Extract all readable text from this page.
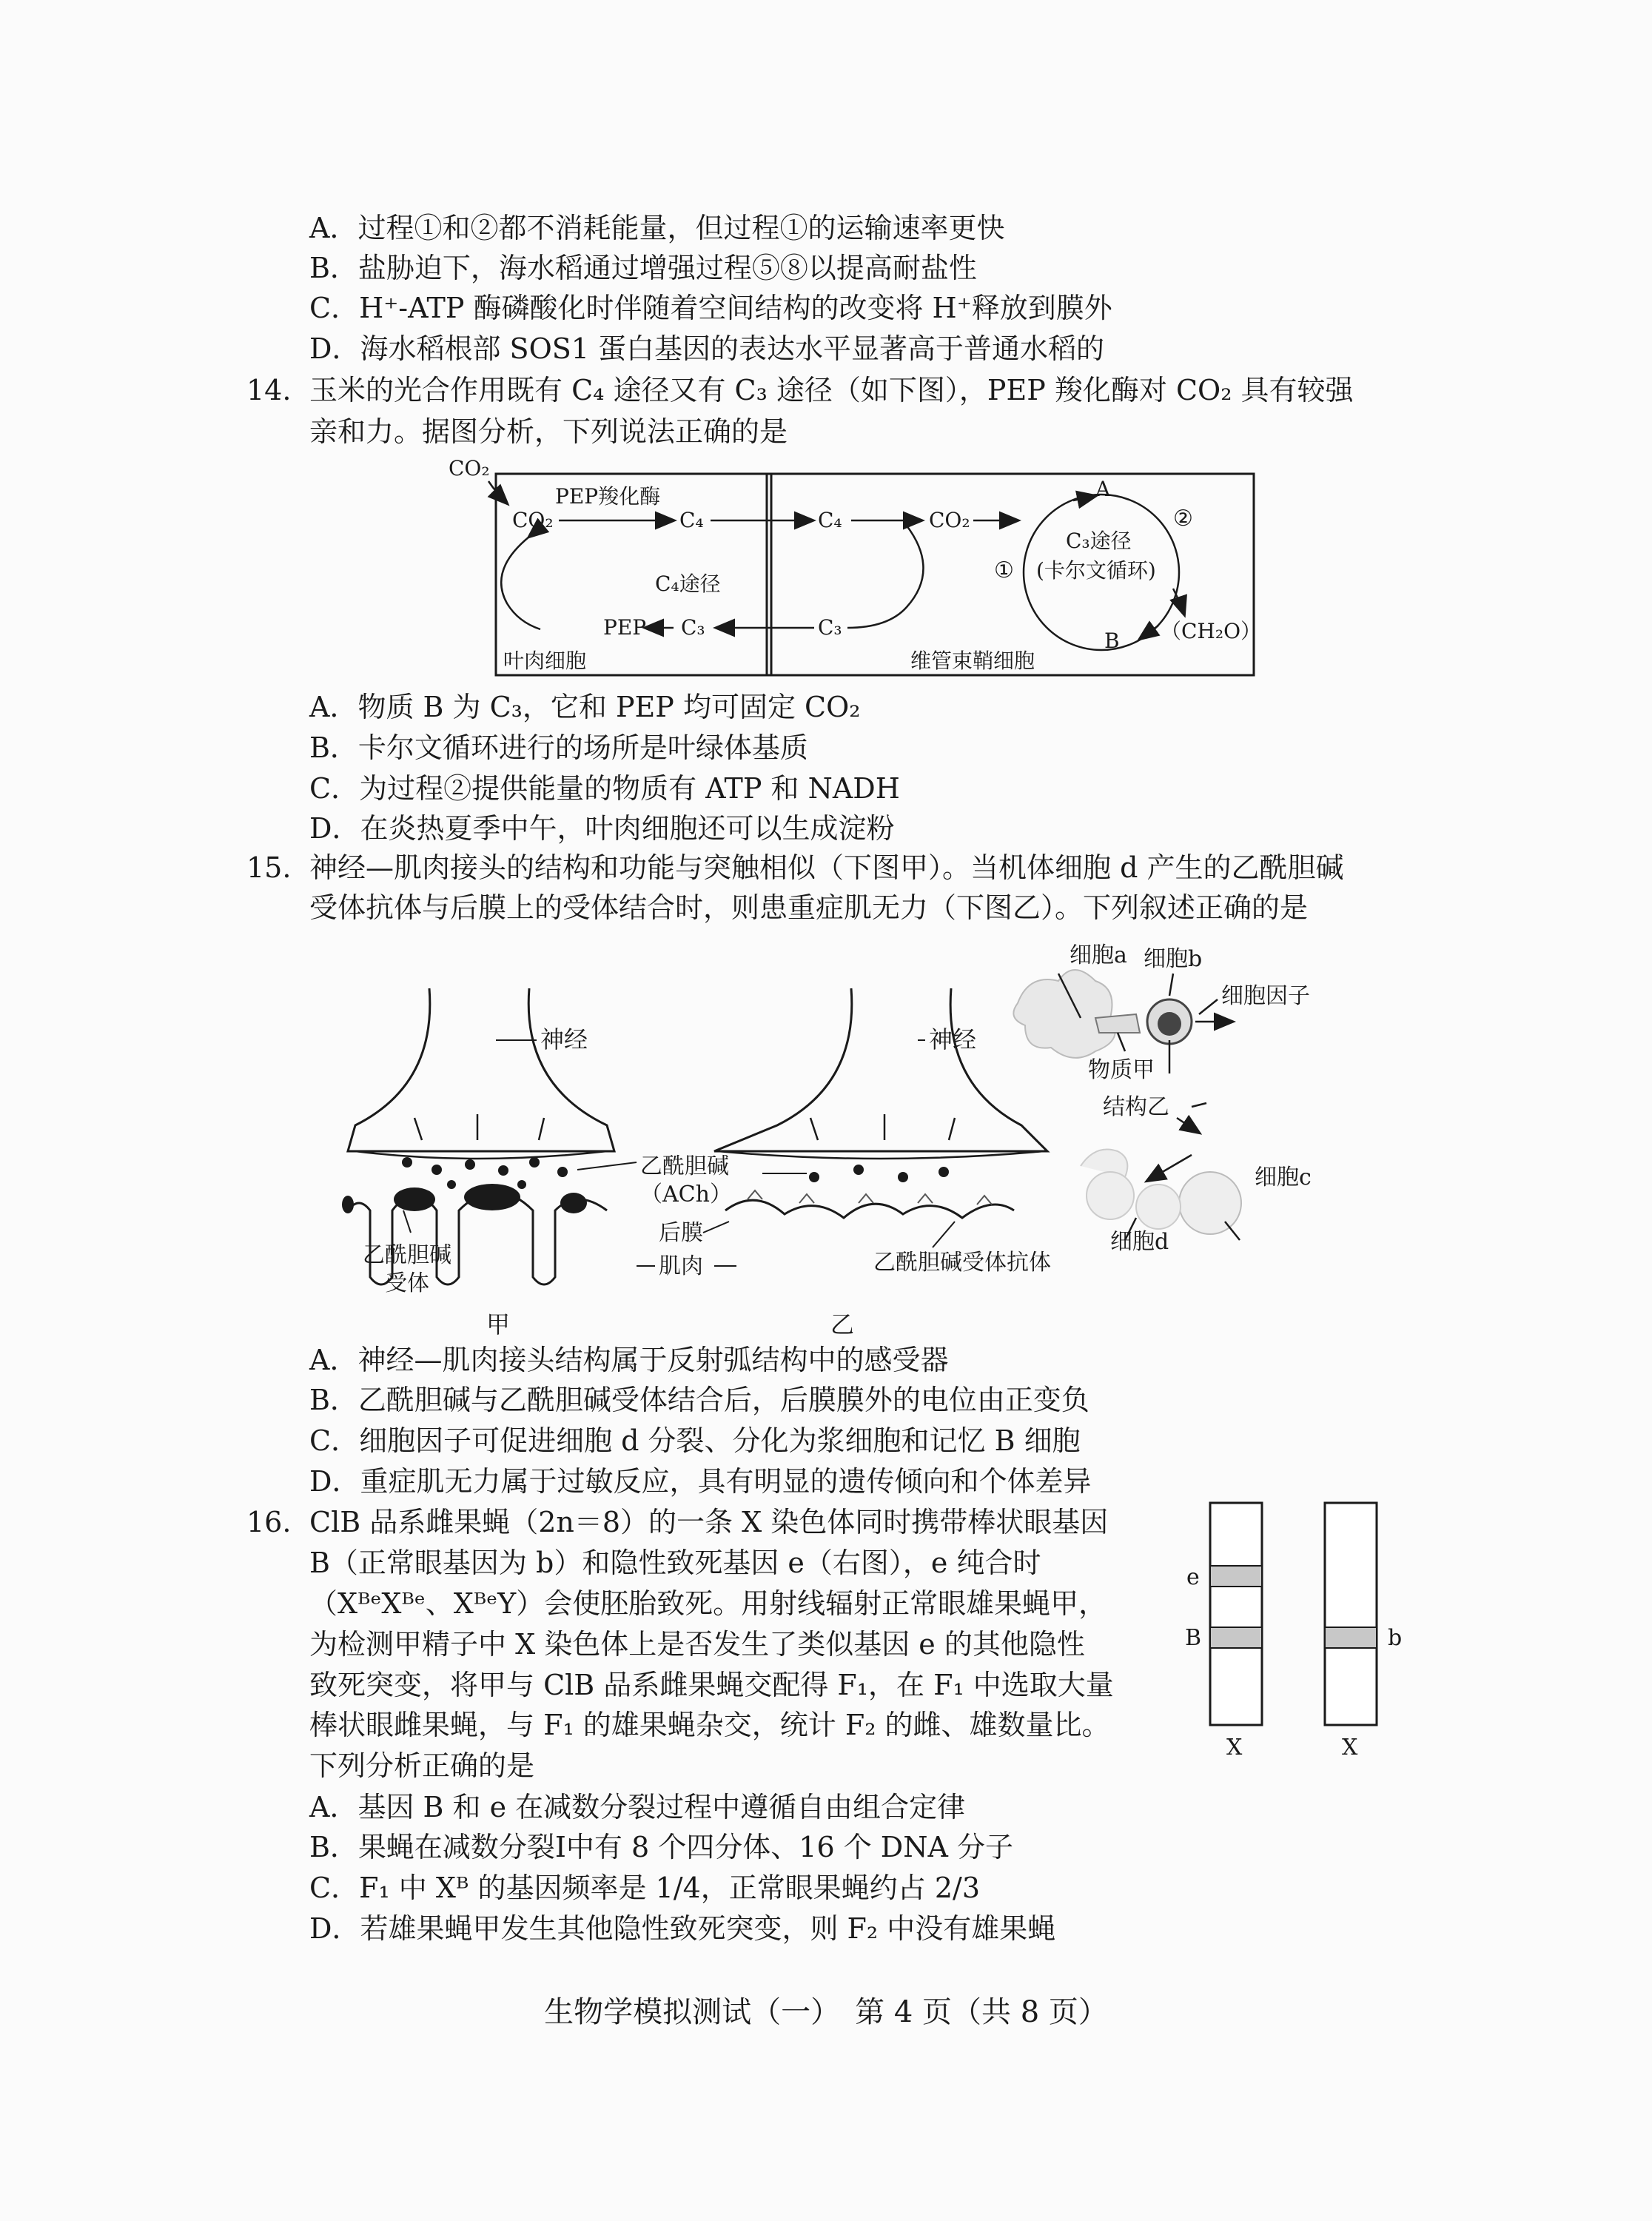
A．过程①和②都不消耗能量，但过程①的运输速率更快
B．盐胁迫下，海水稻通过增强过程⑤⑧以提高耐盐性
C．H⁺-ATP 酶磷酸化时伴随着空间结构的改变将 H⁺释放到膜外
D．海水稻根部 SOS1 蛋白基因的表达水平显著高于普通水稻的
14. 玉米的光合作用既有 C₄ 途径又有 C₃ 途径（如下图），PEP 羧化酶对 CO₂ 具有较强
亲和力。据图分析，下列说法正确的是
CO₂
CO₂
PEP羧化酶
C₄
C₄途径
PEP C₃
叶肉细胞
C₄	CO₂
C₃
维管束鞘细胞
A
B
C₃途径
(卡尔文循环)
①
②
（CH₂O）
A．物质 B 为 C₃，它和 PEP 均可固定 CO₂
B．卡尔文循环进行的场所是叶绿体基质
C．为过程②提供能量的物质有 ATP 和 NADH
D．在炎热夏季中午，叶肉细胞还可以生成淀粉
15. 神经—肌肉接头的结构和功能与突触相似（下图甲）。当机体细胞 d 产生的乙酰胆碱
受体抗体与后膜上的受体结合时，则患重症肌无力（下图乙）。下列叙述正确的是
神经	神经
乙酰胆碱
（ACh）
后膜
肌肉
乙酰胆碱
受体
乙酰胆碱受体抗体
甲	乙
细胞a 细胞b
细胞因子
物质甲
结构乙
细胞c
细胞d
A．神经—肌肉接头结构属于反射弧结构中的感受器
B．乙酰胆碱与乙酰胆碱受体结合后，后膜膜外的电位由正变负
C．细胞因子可促进细胞 d 分裂、分化为浆细胞和记忆 B 细胞
D．重症肌无力属于过敏反应，具有明显的遗传倾向和个体差异
16. ClB 品系雌果蝇（2n＝8）的一条 X 染色体同时携带棒状眼基因
B（正常眼基因为 b）和隐性致死基因 e（右图），e 纯合时
（XᴮᵉXᴮᵉ、XᴮᵉY）会使胚胎致死。用射线辐射正常眼雄果蝇甲，
为检测甲精子中 X 染色体上是否发生了类似基因 e 的其他隐性
致死突变，将甲与 ClB 品系雌果蝇交配得 F₁，在 F₁ 中选取大量
棒状眼雌果蝇，与 F₁ 的雄果蝇杂交，统计 F₂ 的雌、雄数量比。
下列分析正确的是
e
B	b
X	X
A．基因 B 和 e 在减数分裂过程中遵循自由组合定律
B．果蝇在减数分裂Ⅰ中有 8 个四分体、16 个 DNA 分子
C．F₁ 中 Xᴮ 的基因频率是 1/4，正常眼果蝇约占 2/3
D．若雄果蝇甲发生其他隐性致死突变，则 F₂ 中没有雄果蝇
生物学模拟测试（一）　第 4 页（共 8 页）
